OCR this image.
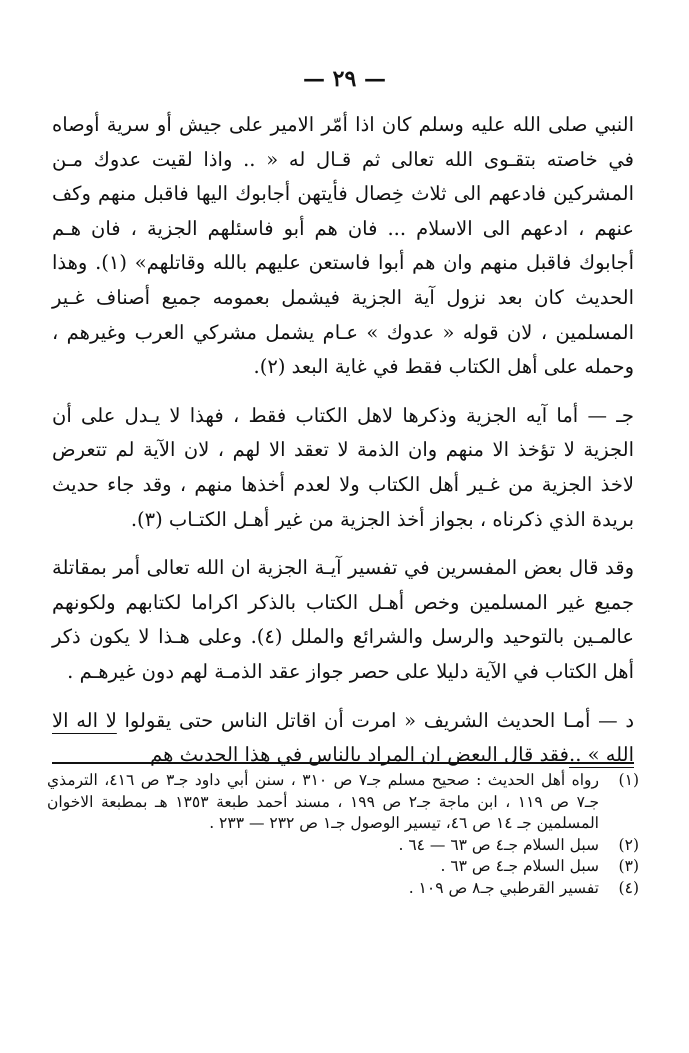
— ٢٩ —

النبي صلى الله عليه وسلم كان اذا أمّر الامير على جيش أو سرية أوصاه في خاصته بتقـوى الله تعالى ثم قـال له « .. واذا لقيت عدوك مـن المشركين فادعهم الى ثلاث خِصال فأيتهن أجابوك اليها فاقبل منهم وكف عنهم ، ادعهم الى الاسلام ... فان هم أبو فاسئلهم الجزية ، فان هـم أجابوك فاقبل منهم وان هم أبوا فاستعن عليهم بالله وقاتلهم» (١). وهذا الحديث كان بعد نزول آية الجزية فيشمل بعمومه جميع أصناف غـير المسلمين ، لان قوله « عدوك » عـام يشمل مشركي العرب وغيرهم ، وحمله على أهل الكتاب فقط في غاية البعد (٢).

جـ — أما آيه الجزية وذكرها لاهل الكتاب فقط ، فهذا لا يـدل على أن الجزية لا تؤخذ الا منهم وان الذمة لا تعقد الا لهم ، لان الآية لم تتعرض لاخذ الجزية من غـير أهل الكتاب ولا لعدم أخذها منهم ، وقد جاء حديث بريدة الذي ذكرناه ، بجواز أخذ الجزية من غير أهـل الكتـاب (٣).

وقد قال بعض المفسرين في تفسير آيـة الجزية ان الله تعالى أمر بمقاتلة جميع غير المسلمين وخص أهـل الكتاب بالذكر اكراما لكتابهم ولكونهم عالمـين بالتوحيد والرسل والشرائع والملل (٤). وعلى هـذا لا يكون ذكر أهل الكتاب في الآية دليلا على حصر جواز عقد الذمـة لهم دون غيرهـم .

د — أمـا الحديث الشريف « امرت أن اقاتل الناس حتى يقولوا لا اله الا الله » ..فقد قال البعض ان المراد بالناس في هذا الحديث هم

(١)
رواه أهل الحديث : صحيح مسلم جـ٧ ص ٣١٠ ، سنن أبي داود جـ٣ ص ٤١٦، الترمذي جـ٧ ص ١١٩ ، ابن ماجة جـ٢ ص ١٩٩ ، مسند أحمد طبعة ١٣٥٣ هـ بمطبعة الاخوان المسلمين جـ ١٤ ص ٤٦، تيسير الوصول جـ١ ص ٢٣٢ — ٢٣٣ .
(٢)
سبل السلام جـ٤ ص ٦٣ — ٦٤ .
(٣)
سبل السلام جـ٤ ص ٦٣ .
(٤)
تفسير القرطبي جـ٨ ص ١٠٩ .
